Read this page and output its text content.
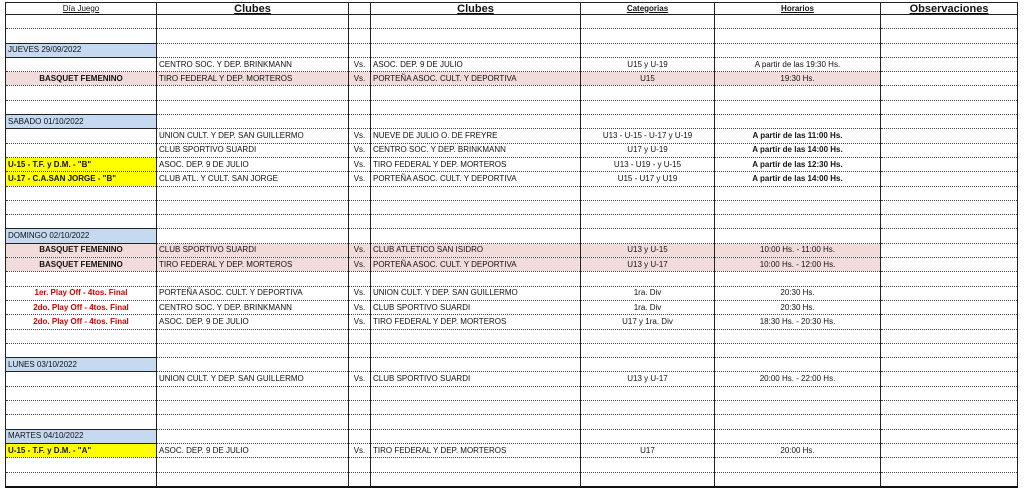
Día Juego	Clubes		Clubes	Categorias	Horarios	Observaciones

JUEVES 29/09/2022						
	CENTRO SOC. Y DEP. BRINKMANN	Vs.	ASOC. DEP. 9 DE JULIO	U15 y U-19	A partir de las 19:30 Hs.	
BASQUET FEMENINO	TIRO FEDERAL Y DEP. MORTEROS	Vs.	PORTEÑA ASOC. CULT. Y DEPORTIVA	U15	19:30 Hs.	

SABADO 01/10/2022						
	UNION CULT. Y DEP. SAN GUILLERMO	Vs.	NUEVE DE JULIO O. DE FREYRE	U13 - U-15 - U-17 y U-19	A partir de las 11:00 Hs.	
	CLUB SPORTIVO SUARDI	Vs.	CENTRO SOC. Y DEP. BRINKMANN	U17 y U-19	A partir de las 14:00 Hs.	
U-15 - T.F. y D.M. - "B"	ASOC. DEP. 9 DE JULIO	Vs.	TIRO FEDERAL Y DEP. MORTEROS	U13 - U19 - y U-15	A partir de las 12:30 Hs.	
U-17 - C.A.SAN JORGE - "B"	CLUB ATL. Y CULT. SAN JORGE	Vs.	PORTEÑA ASOC. CULT. Y DEPORTIVA	U15 - U17 y U19	A partir de las 14:00 Hs.	

DOMINGO 02/10/2022						
BASQUET FEMENINO	CLUB SPORTIVO SUARDI	Vs.	CLUB ATLETICO SAN ISIDRO	U13 y U-15	10:00 Hs. - 11:00 Hs.	
BASQUET FEMENINO	TIRO FEDERAL Y DEP. MORTEROS	Vs.	PORTEÑA ASOC. CULT. Y DEPORTIVA	U13 y U-17	10:00 Hs. - 12:00 Hs.	

1er. Play Off - 4tos. Final	PORTEÑA ASOC. CULT. Y DEPORTIVA	Vs.	UNION CULT. Y DEP. SAN GUILLERMO	1ra. Div	20:30 Hs.	
2do. Play Off - 4tos. Final	CENTRO SOC. Y DEP. BRINKMANN	Vs.	CLUB SPORTIVO SUARDI	1ra. Div	20:30 Hs.	
2do. Play Off - 4tos. Final	ASOC. DEP. 9 DE JULIO	Vs.	TIRO FEDERAL Y DEP. MORTEROS	U17 y 1ra. Div	18:30 Hs. - 20:30 Hs.	

LUNES 03/10/2022						
	UNION CULT. Y DEP. SAN GUILLERMO	Vs.	CLUB SPORTIVO SUARDI	U13 y U-17	20:00 Hs. - 22:00 Hs.	

MARTES 04/10/2022						
U-15 - T.F. y D.M. - "A"	ASOC. DEP. 9 DE JULIO	Vs.	TIRO FEDERAL Y DEP. MORTEROS	U17	20:00 Hs.	
